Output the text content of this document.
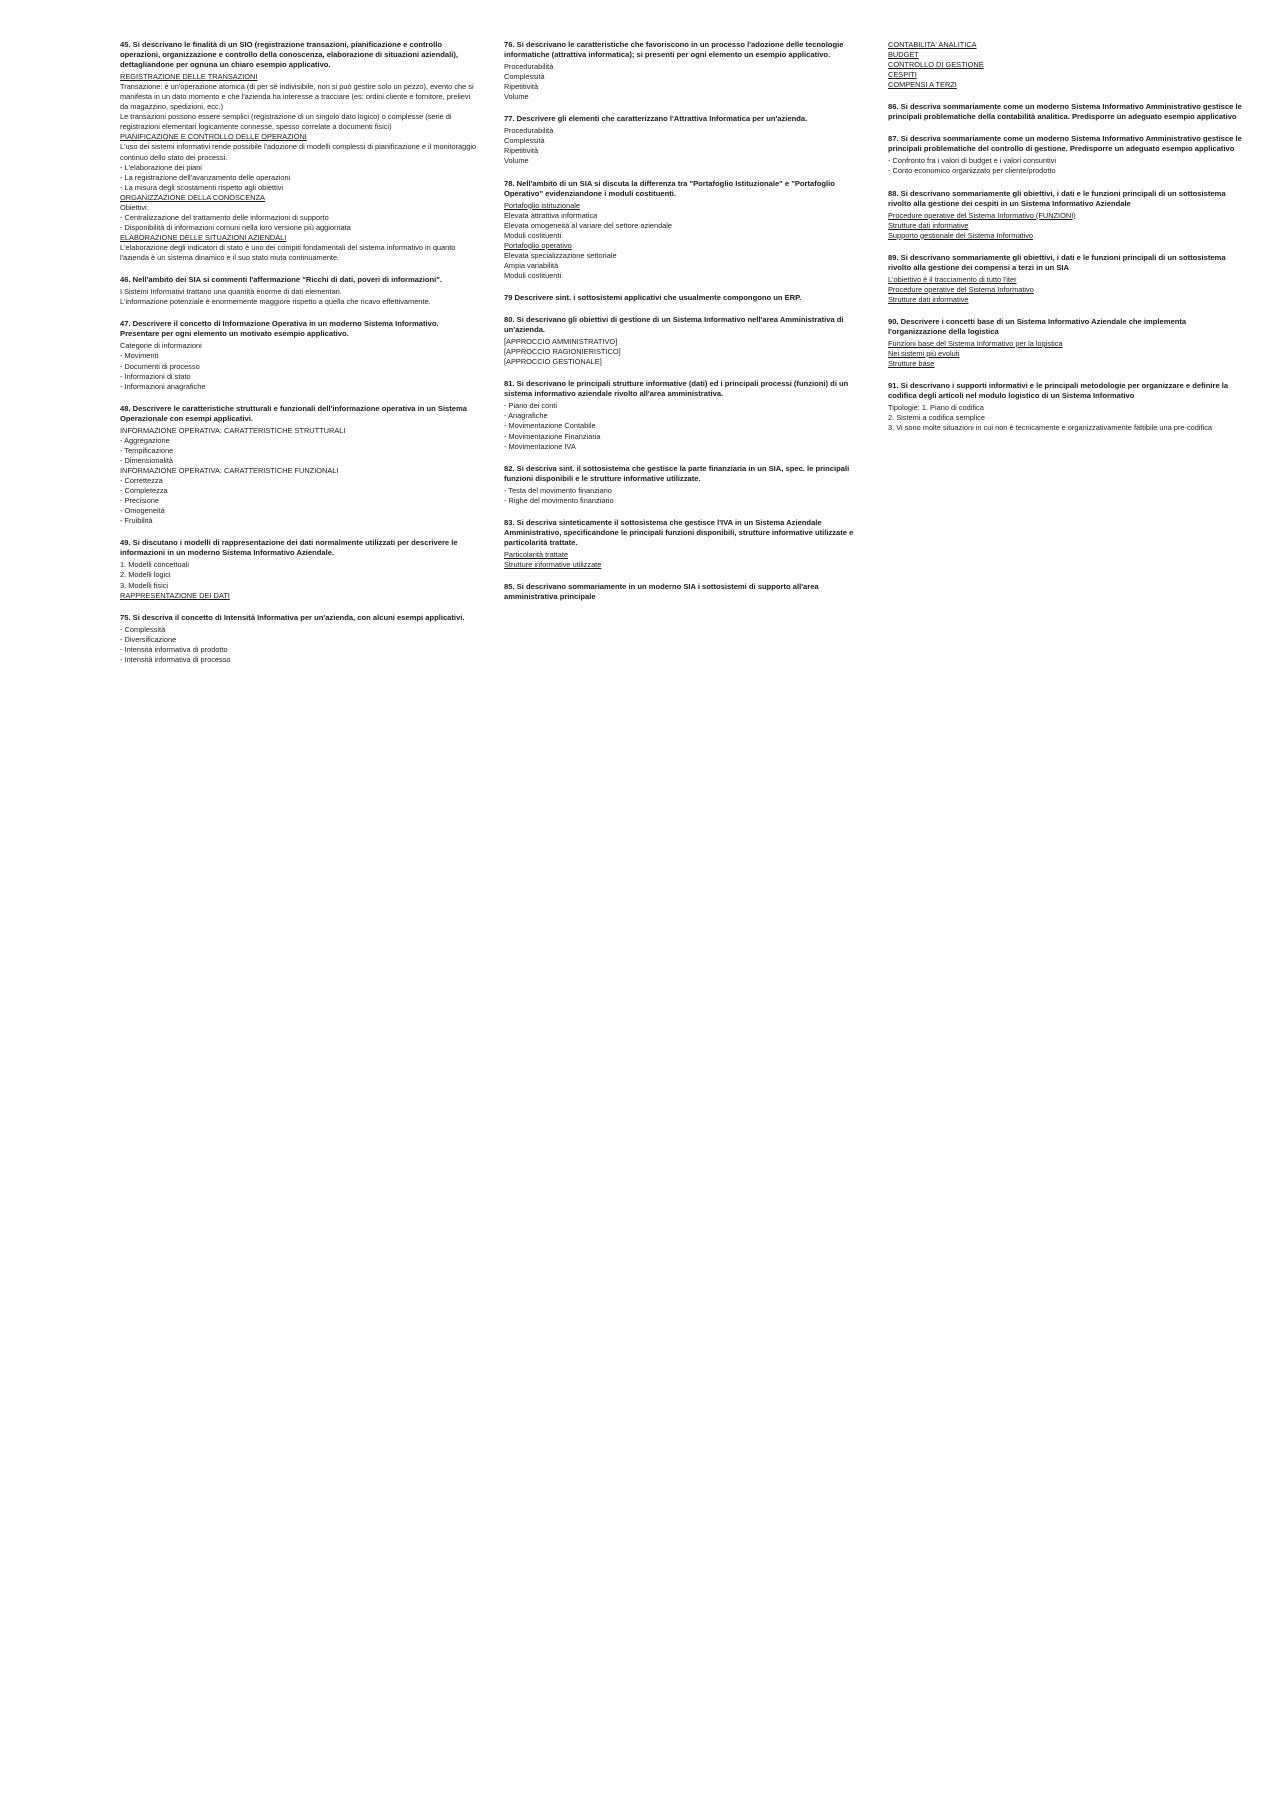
45. Si descrivano le finalità di un SIO (registrazione transazioni, pianificazione e controllo operazioni, organizzazione e controllo della conoscenza, elaborazione di situazioni aziendali), dettagliandone per ognuna un chiaro esempio applicativo.

REGISTRAZIONE DELLE TRANSAZIONI

Transazione: è un'operazione atomica (di per sé indivisibile, non si può gestire solo un pezzo), evento che si manifesta in un dato momento e che l'azienda ha interesse a tracciare (es: ordini cliente e fornitore, prelievi da magazzino, spedizioni, ecc.)

Le transazioni possono essere semplici (registrazione di un singolo dato logico) o complesse (serie di registrazioni elementari logicamente connesse, spesso correlate a documenti fisici)

PIANIFICAZIONE E CONTROLLO DELLE OPERAZIONI

L'uso dei sistemi informativi rende possibile l'adozione di modelli complessi di pianificazione e il monitoraggio continuo dello stato dei processi.

- L'elaborazione dei piani

- La registrazione dell'avanzamento delle operazioni

- La misura degli scostamenti rispetto agli obiettivi

ORGANIZZAZIONE DELLA CONOSCENZA

Obiettivi:

- Centralizzazione del trattamento delle informazioni di supporto

- Disponibilità di informazioni comuni nella loro versione più aggiornata

ELABORAZIONE DELLE SITUAZIONI AZIENDALI

L'elaborazione degli indicatori di stato è uno dei compiti fondamentali del sistema informativo in quanto l'azienda è un sistema dinamico e il suo stato muta continuamente.

46. Nell'ambito dei SIA si commenti l'affermazione "Ricchi di dati, poveri di informazioni".

I Sistemi Informativi trattano una quantità enorme di dati elementari.

L'informazione potenziale è enormemente maggiore rispetto a quella che ricavo effettivamente.

47. Descrivere il concetto di Informazione Operativa in un moderno Sistema Informativo. Presentare per ogni elemento un motivato esempio applicativo.

Categorie di informazioni

- Movimenti

- Documenti di processo

- Informazioni di stato

- Informazioni anagrafiche

48. Descrivere le caratteristiche strutturali e funzionali dell'informazione operativa in un Sistema Operazionale con esempi applicativi.

INFORMAZIONE OPERATIVA: CARATTERISTICHE STRUTTURALI

- Aggregazione

- Tempificazione

- Dimensionalità

INFORMAZIONE OPERATIVA: CARATTERISTICHE FUNZIONALI

- Correttezza

- Completezza

- Precisione

- Omogeneità

- Fruibilità

49. Si discutano i modelli di rappresentazione dei dati normalmente utilizzati per descrivere le informazioni in un moderno Sistema Informativo Aziendale.

1. Modelli concettuali

2. Modelli logici

3. Modelli fisici

RAPPRESENTAZIONE DEI DATI

75. Si descriva il concetto di Intensità Informativa per un'azienda, con alcuni esempi applicativi.

- Complessità

- Diversificazione

- Intensità informativa di prodotto

- Intensità informativa di processo

76. Si descrivano le caratteristiche che favoriscono in un processo l'adozione delle tecnologie informatiche (attrattiva informatica); si presenti per ogni elemento un esempio applicativo.

Procedurabilità

Complessità

Ripetitività

Volume

77. Descrivere gli elementi che caratterizzano l'Attrattiva Informatica per un'azienda.

Procedurabilità

Complessità

Ripetitività

Volume

78. Nell'ambito di un SIA si discuta la differenza tra "Portafoglio Istituzionale" e "Portafoglio Operativo" evidenziandone i moduli costituenti.

Portafoglio istituzionale

Elevata attrattiva informatica

Elevata omogeneità al variare del settore aziendale

Moduli costituenti

Portafoglio operativo

Elevata specializzazione settoriale

Ampia variabilità

Moduli costituenti

79 Descrivere sint. i sottosistemi applicativi che usualmente compongono un ERP.

80. Si descrivano gli obiettivi di gestione di un Sistema Informativo nell'area Amministrativa di un'azienda.

[APPROCCIO AMMINISTRATIVO]

[APPROCCIO RAGIONIERISTICO]

[APPROCCIO GESTIONALE]

81. Si descrivano le principali strutture informative (dati) ed i principali processi (funzioni) di un sistema informativo aziendale rivolto all'area amministrativa.

- Piano dei conti

- Anagrafiche

- Movimentazione Contabile

- Movimentazione Finanziaria

- Movimentazione IVA

82. Si descriva sint. il sottosistema che gestisce la parte finanziaria in un SIA, spec. le principali funzioni disponibili e le strutture informative utilizzate.

- Testa del movimento finanziario

- Righe del movimento finanziario

83. Si descriva sinteticamente il sottosistema che gestisce l'IVA in un Sistema Aziendale Amministrativo, specificandone le principali funzioni disponibili, strutture informative utilizzate e particolarità trattate.

Particolarità trattate

Strutture informative utilizzate

85. Si descrivano sommariamente in un moderno SIA i sottosistemi di supporto all'area amministrativa principale

CONTABILITA' ANALITICA

BUDGET

CONTROLLO DI GESTIONE

CESPITI

COMPENSI A TERZI

86. Si descriva sommariamente come un moderno Sistema Informativo Amministrativo gestisce le principali problematiche della contabilità analitica. Predisporre un adeguato esempio applicativo

87. Si descriva sommariamente come un moderno Sistema Informativo Amministrativo gestisce le principali problematiche del controllo di gestione. Predisporre un adeguato esempio applicativo

- Confronto fra i valori di budget e i valori consuntivi

- Conto economico organizzato per cliente/prodotto

88. Si descrivano sommariamente gli obiettivi, i dati e le funzioni principali di un sottosistema rivolto alla gestione dei cespiti in un Sistema Informativo Aziendale

Procedure operative del Sistema Informativo (FUNZIONI)

Strutture dati informative

Supporto gestionale del Sistema Informativo

89. Si descrivano sommariamente gli obiettivi, i dati e le funzioni principali di un sottosistema rivolto alla gestione dei compensi a terzi in un SIA

L'obiettivo è il tracciamento di tutto l'iter

Procedure operative del Sistema Informativo

Strutture dati informative

90. Descrivere i concetti base di un Sistema Informativo Aziendale che implementa l'organizzazione della logistica

Funzioni base del Sistema Informativo per la logistica

Nei sistemi più evoluti

Strutture base

91. Si descrivano i supporti informativi e le principali metodologie per organizzare e definire la codifica degli articoli nel modulo logistico di un Sistema Informativo

Tipologie: 1. Piano di codifica

2. Sistemi a codifica semplice

3. Vi sono molte situazioni in cui non è tecnicamente e organizzativamente fattibile una pre-codifica
